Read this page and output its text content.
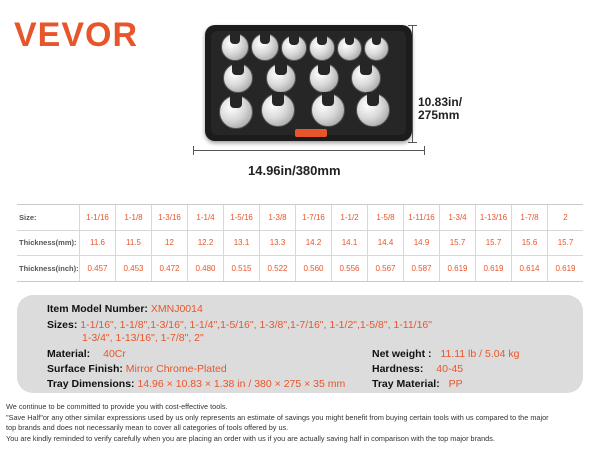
VEVOR
14.96in/380mm
10.83in/
275mm
Size:	1-1/16	1-1/8	1-3/16	1-1/4	1-5/16	1-3/8	1-7/16	1-1/2	1-5/8	1-11/16	1-3/4	1-13/16	1-7/8	2
Thickness(mm):	11.6	11.5	12	12.2	13.1	13.3	14.2	14.1	14.4	14.9	15.7	15.7	15.6	15.7
Thickness(inch):	0.457	0.453	0.472	0.480	0.515	0.522	0.560	0.556	0.567	0.587	0.619	0.619	0.614	0.619
Item Model Number: XMNJ0014
Sizes: 1-1/16", 1-1/8",1-3/16", 1-1/4",1-5/16", 1-3/8",1-7/16", 1-1/2",1-5/8", 1-11/16"
1-3/4", 1-13/16", 1-7/8", 2"
Material: 40Cr	Net weight : 11.11 lb / 5.04 kg
Surface Finish: Mirror Chrome-Plated	Hardness: 40-45
Tray Dimensions: 14.96 × 10.83 × 1.38 in / 380 × 275 × 35 mm	Tray Material: PP
We continue to be committed to provide you with cost-effective tools.
"Save Half"or any other similar expressions used by us only represents an estimate of savings you might benefit from buying certain tools with us compared to the major
top brands and does not necessarily mean to cover all categories of tools offered by us.
You are kindly reminded to verify carefully when you are placing an order with us if you are actually saving half in comparison with the top major brands.
